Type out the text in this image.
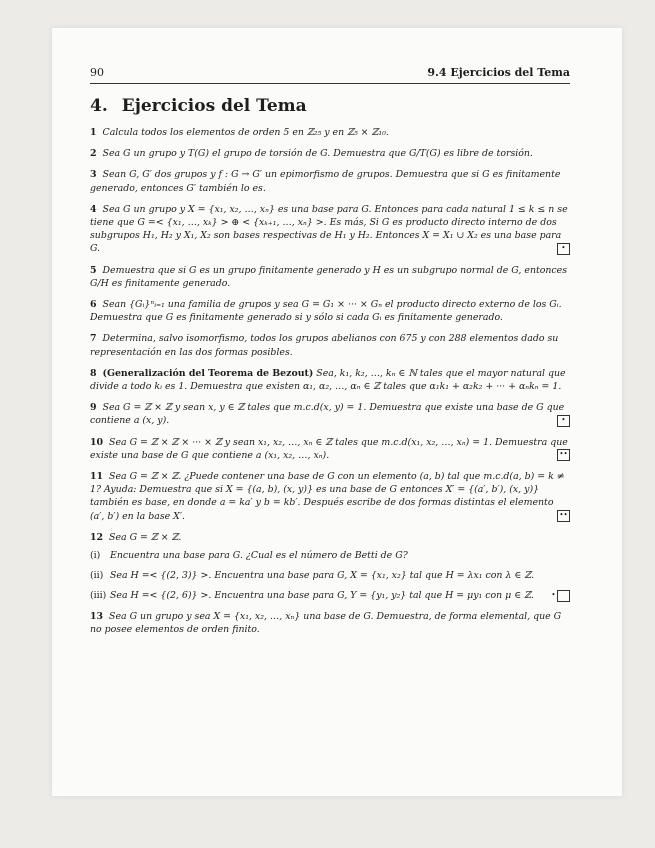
90	9.4 Ejercicios del Tema
4. Ejercicios del Tema

1 Calcula todos los elementos de orden 5 en ℤ₂₅ y en ℤ₅ × ℤ₁₀.

2 Sea G un grupo y T(G) el grupo de torsión de G. Demuestra que G/T(G) es libre de torsión.

3 Sean G, G′ dos grupos y f : G → G′ un epimorfismo de grupos. Demuestra que si G es finitamente generado, entonces G′ también lo es.

4 Sea G un grupo y X = {x₁, x₂, …, xₙ} es una base para G. Entonces para cada natural 1 ≤ k ≤ n se tiene que G =< {x₁, …, xₖ} > ⊕ < {xₖ₊₁, …, xₙ} >. Es más, Si G es producto directo interno de dos subgrupos H₁, H₂ y X₁, X₂ son bases respectivas de H₁ y H₂. Entonces X = X₁ ∪ X₂ es una base para G.	•

5 Demuestra que si G es un grupo finitamente generado y H es un subgrupo normal de G, entonces G/H es finitamente generado.

6 Sean {Gᵢ}ⁿᵢ₌₁ una familia de grupos y sea G = G₁ × ··· × Gₙ el producto directo externo de los Gᵢ. Demuestra que G es finitamente generado si y sólo si cada Gᵢ es finitamente generado.

7 Determina, salvo isomorfismo, todos los grupos abelianos con 675 y con 288 elementos dado su representación en las dos formas posibles.

8 (Generalización del Teorema de Bezout) Sea, k₁, k₂, …, kₙ ∈ ℕ tales que el mayor natural que divide a todo kᵢ es 1. Demuestra que existen α₁, α₂, …, αₙ ∈ ℤ tales que α₁k₁ + α₂k₂ + ··· + αₙkₙ = 1.

9 Sea G = ℤ × ℤ y sean x, y ∈ ℤ tales que m.c.d(x, y) = 1. Demuestra que existe una base de G que contiene a (x, y).	•

10 Sea G = ℤ × ℤ × ··· × ℤ y sean x₁, x₂, …, xₙ ∈ ℤ tales que m.c.d(x₁, x₂, …, xₙ) = 1. Demuestra que existe una base de G que contiene a (x₁, x₂, …, xₙ).	••

11 Sea G = ℤ × ℤ. ¿Puede contener una base de G con un elemento (a, b) tal que m.c.d(a, b) = k ≠ 1? Ayuda: Demuestra que si X = {(a, b), (x, y)} es una base de G entonces X′ = {(a′, b′), (x, y)} también es base, en donde a = ka′ y b = kb′. Después escribe de dos formas distintas el elemento (a′, b′) en la base X′.	••

12 Sea G = ℤ × ℤ.

(i) Encuentra una base para G. ¿Cual es el número de Betti de G?

(ii) Sea H =< {(2, 3)} >. Encuentra una base para G, X = {x₁, x₂} tal que H = λx₁ con λ ∈ ℤ.

(iii) Sea H =< {(2, 6)} >. Encuentra una base para G, Y = {y₁, y₂} tal que H = μy₁ con μ ∈ ℤ. •

13 Sea G un grupo y sea X = {x₁, x₂, …, xₙ} una base de G. Demuestra, de forma elemental, que G no posee elementos de orden finito.
